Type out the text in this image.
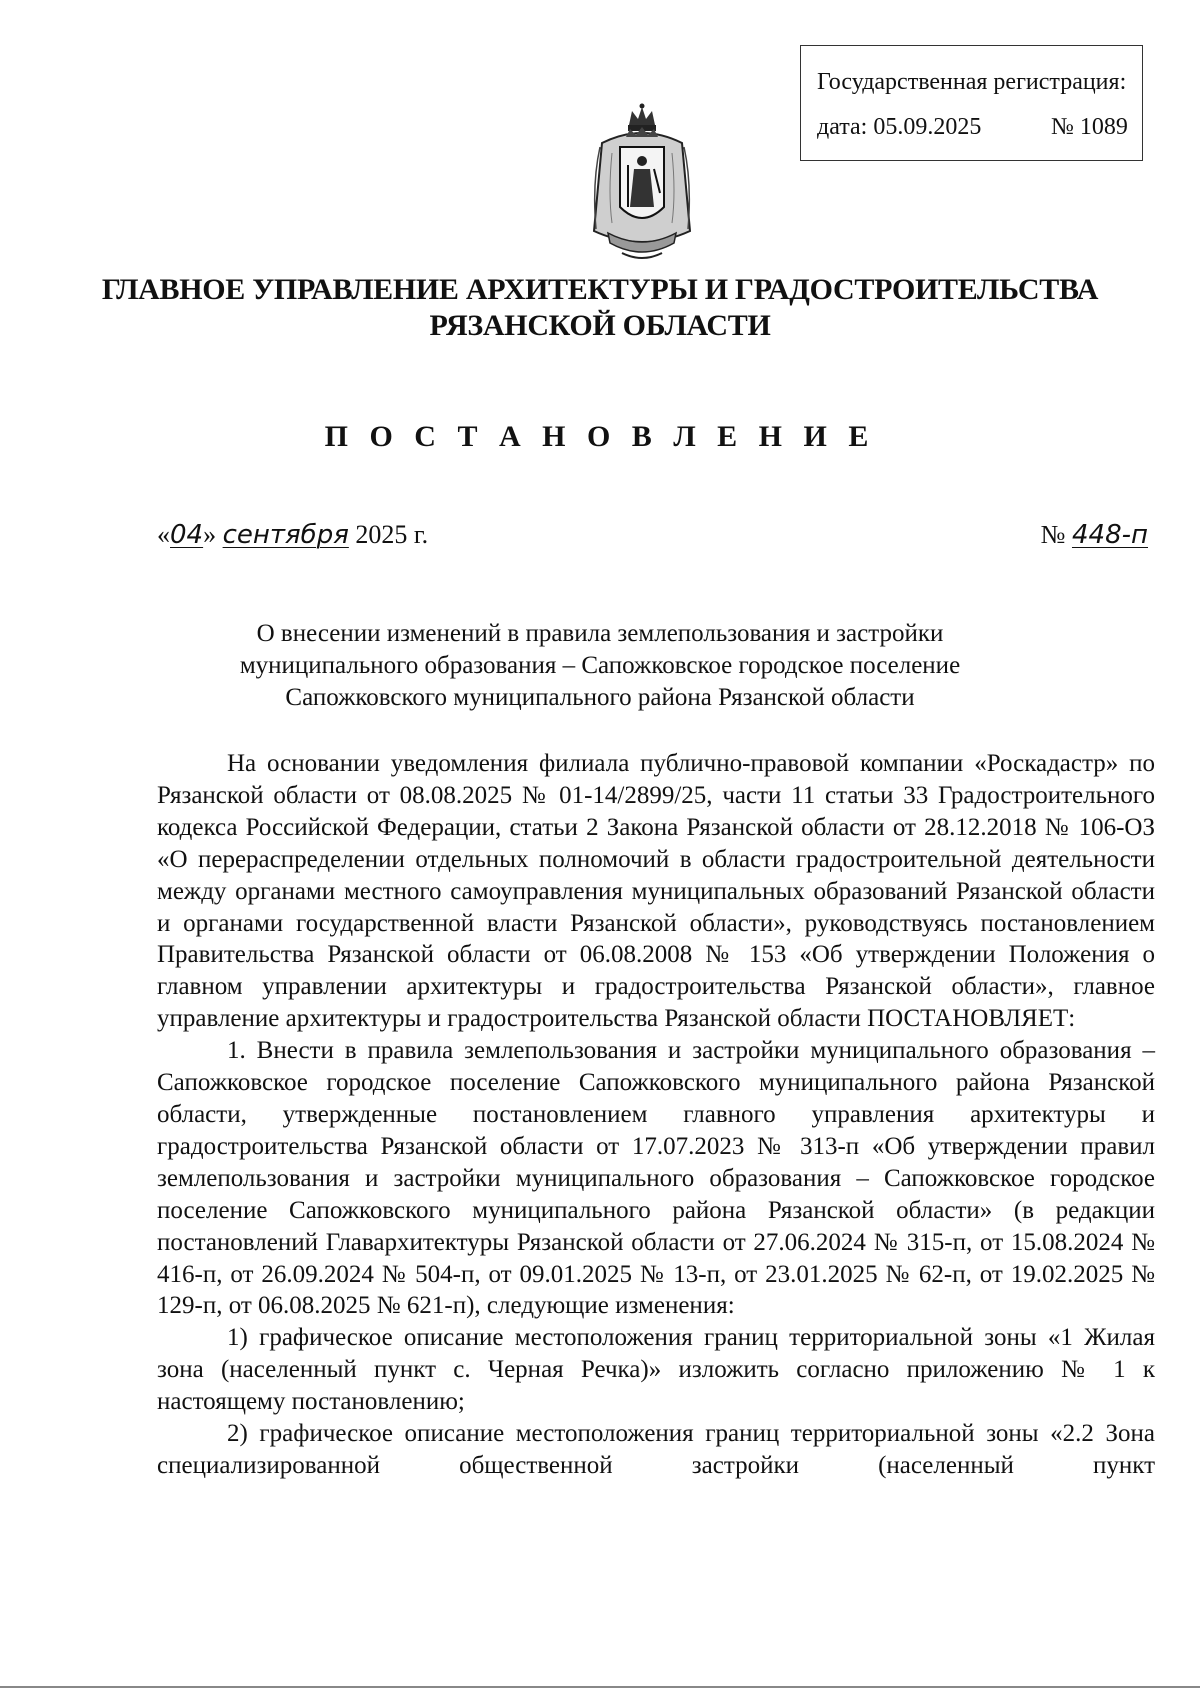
Государственная регистрация:
дата: 05.09.2025	№ 1089
ГЛАВНОЕ УПРАВЛЕНИЕ АРХИТЕКТУРЫ И ГРАДОСТРОИТЕЛЬСТВА
РЯЗАНСКОЙ ОБЛАСТИ
П О С Т А Н О В Л Е Н И Е
«04» сентября 2025 г.	№ 448-п
О внесении изменений в правила землепользования и застройки
муниципального образования – Сапожковское городское поселение
Сапожковского муниципального района Рязанской области

На основании уведомления филиала публично-правовой компании «Роскадастр» по Рязанской области от 08.08.2025 № 01-14/2899/25, части 11 статьи 33 Градостроительного кодекса Российской Федерации, статьи 2 Закона Рязанской области от 28.12.2018 № 106-ОЗ «О перераспределении отдельных полномочий в области градостроительной деятельности между органами местного самоуправления муниципальных образований Рязанской области и органами государственной власти Рязанской области», руководствуясь постановлением Правительства Рязанской области от 06.08.2008 № 153 «Об утверждении Положения о главном управлении архитектуры и градостроительства Рязанской области», главное управление архитектуры и градостроительства Рязанской области ПОСТАНОВЛЯЕТ:

1. Внести в правила землепользования и застройки муниципального образования – Сапожковское городское поселение Сапожковского муниципального района Рязанской области, утвержденные постановлением главного управления архитектуры и градостроительства Рязанской области от 17.07.2023 № 313-п «Об утверждении правил землепользования и застройки муниципального образования – Сапожковское городское поселение Сапожковского муниципального района Рязанской области» (в редакции постановлений Главархитектуры Рязанской области от 27.06.2024 № 315-п, от 15.08.2024 № 416-п, от 26.09.2024 № 504-п, от 09.01.2025 № 13-п, от 23.01.2025 № 62-п, от 19.02.2025 № 129-п, от 06.08.2025 № 621-п), следующие изменения:

1) графическое описание местоположения границ территориальной зоны «1 Жилая зона (населенный пункт с. Черная Речка)» изложить согласно приложению № 1 к настоящему постановлению;

2) графическое описание местоположения границ территориальной зоны «2.2 Зона специализированной общественной застройки (населенный пункт
